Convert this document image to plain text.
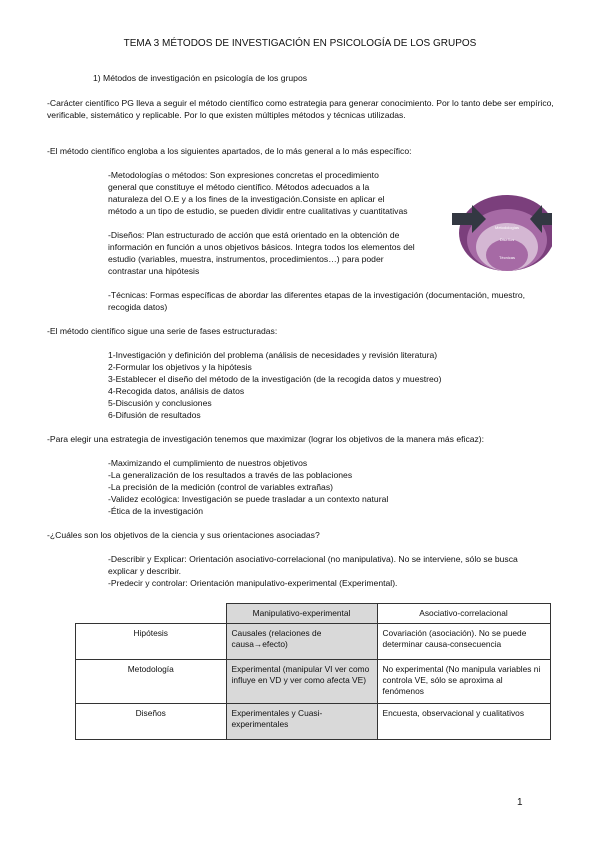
TEMA 3 MÉTODOS DE INVESTIGACIÓN EN PSICOLOGÍA DE LOS GRUPOS
1) Métodos de investigación en psicología de los grupos
-Carácter científico PG lleva a seguir el método científico como estrategia para generar conocimiento. Por lo tanto debe ser empírico, verificable, sistemático y replicable. Por lo que existen múltiples métodos y técnicas utilizadas.
-El método científico engloba a los siguientes apartados, de lo más general a lo más específico:
-Metodologías o métodos: Son expresiones concretas el procedimiento general que constituye el método científico. Métodos adecuados a la naturaleza del O.E y a los fines de la investigación.Consiste en aplicar el método a un tipo de estudio, se pueden dividir entre cualitativas y cuantitativas
-Diseños: Plan estructurado de acción que está orientado en la obtención de información en función a unos objetivos básicos. Integra todos los elementos del estudio (variables, muestra, instrumentos, procedimientos…) para poder contrastar una hipótesis
-Técnicas: Formas específicas de abordar las diferentes etapas de la investigación (documentación, muestro, recogida datos)
Metodologías
Diseños
Técnicas
-El método científico sigue una serie de fases estructuradas:
1-Investigación y definición del problema (análisis de necesidades y revisión literatura)
2-Formular los objetivos y la hipótesis
3-Establecer el diseño del método de la investigación (de la recogida datos y muestreo)
4-Recogida datos, análisis de datos
5-Discusión y conclusiones
6-Difusión de resultados
-Para elegir una estrategia de investigación tenemos que maximizar (lograr los objetivos de la manera más eficaz):
-Maximizando el cumplimiento de nuestros objetivos
-La generalización de los resultados a través de las poblaciones
-La precisión de la medición (control de variables extrañas)
-Validez ecológica: Investigación se puede trasladar a un contexto natural
-Ética de la investigación
-¿Cuáles son los objetivos de la ciencia y sus orientaciones asociadas?
-Describir y Explicar: Orientación asociativo-correlacional (no manipulativa). No se interviene, sólo se busca explicar y describir.
-Predecir y controlar: Orientación manipulativo-experimental (Experimental).
	Manipulativo-experimental	Asociativo-correlacional
Hipótesis	Causales (relaciones de causa→efecto)	Covariación (asociación). No se puede determinar causa-consecuencia
Metodología	Experimental (manipular VI ver como influye en VD y ver como afecta VE)	No experimental (No manipula variables ni controla VE, sólo se aproxima al fenómenos
Diseños	Experimentales y Cuasi-experimentales	Encuesta, observacional y cualitativos
1
